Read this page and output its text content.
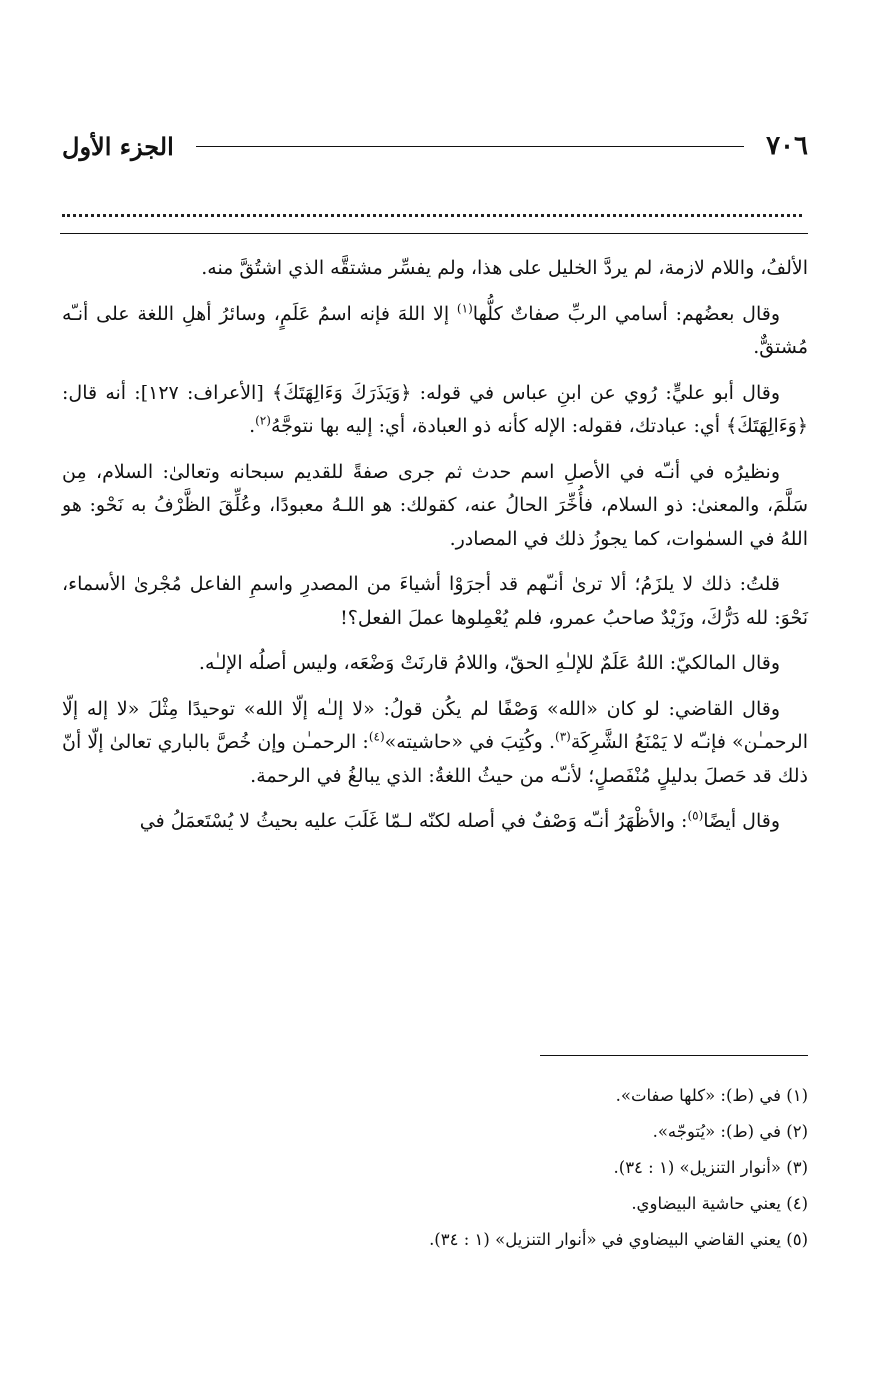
٧٠٦
الجزء الأول

الألفُ، واللام لازمة، لم يردَّ الخليل على هذا، ولم يفسِّر مشتقَّه الذي اشتُقَّ منه.

وقال بعضُهم: أسامي الربِّ صفاتٌ كلُّها$^{(١)}$ إلا اللهَ فإنه اسمُ عَلَمٍ، وسائرُ أهلِ اللغة على أنـّه مُشتقٌّ.

وقال أبو عليٍّ: رُوي عن ابنِ عباس في قوله: ﴿وَيَذَرَكَ وَءَالِهَتَكَ﴾ [الأعراف: ١٢٧]: أنه قال: ﴿وَءَالِهَتَكَ﴾ أي: عبادتك، فقوله: الإله كأنه ذو العبادة، أي: إليه بها نتوجَّهُ$^{(٢)}$.

ونظيرُه في أنـّه في الأصلِ اسم حدث ثم جرى صفةً للقديم سبحانه وتعالىٰ: السلام، مِن سَلَّمَ، والمعنىٰ: ذو السلام، فأُخِّرَ الحالُ عنه، كقولك: هو اللـهُ معبودًا، وعُلِّقَ الظَّرْفُ به نَحْو: هو اللهُ في السمٰوات، كما يجوزُ ذلك في المصادر.

قلتُ: ذلك لا يلزَمُ؛ ألا ترىٰ أنـّهم قد أجرَوْا أشياءَ من المصدرِ واسمِ الفاعل مُجْرىٰ الأسماء، نَحْوَ: لله دَرُّكَ، وزَيْدٌ صاحبُ عمرو، فلم يُعْمِلوها عملَ الفعل؟!

وقال المالكيّ: اللهُ عَلَمٌ للإلـٰهِ الحقّ، واللامُ قارنَتْ وَضْعَه، وليس أصلُه الإلـٰه.

وقال القاضي: لو كان «الله» وَصْفًا لم يكُن قولُ: «لا إلـٰه إلّا الله» توحيدًا مِثْلَ «لا إله إلّا الرحمـٰن» فإنـّه لا يَمْنَعُ الشَّرِكَة$^{(٣)}$. وكُتِبَ في «حاشيته»$^{(٤)}$: الرحمـٰن وإن خُصَّ بالباري تعالىٰ إلّا أنّ ذلك قد حَصلَ بدليلٍ مُنْفَصلٍ؛ لأنـّه من حيثُ اللغةُ: الذي يبالغُ في الرحمة.

وقال أيضًا$^{(٥)}$: والأظْهَرُ أنـّه وَصْفٌ في أصله لكنّه لـمّا غَلَبَ عليه بحيثُ لا يُسْتَعمَلُ في

(١) في (ط): «كلها صفات».
(٢) في (ط): «يُتوجّه».
(٣) «أنوار التنزيل» (١ : ٣٤).
(٤) يعني حاشية البيضاوي.
(٥) يعني القاضي البيضاوي في «أنوار التنزيل» (١ : ٣٤).
